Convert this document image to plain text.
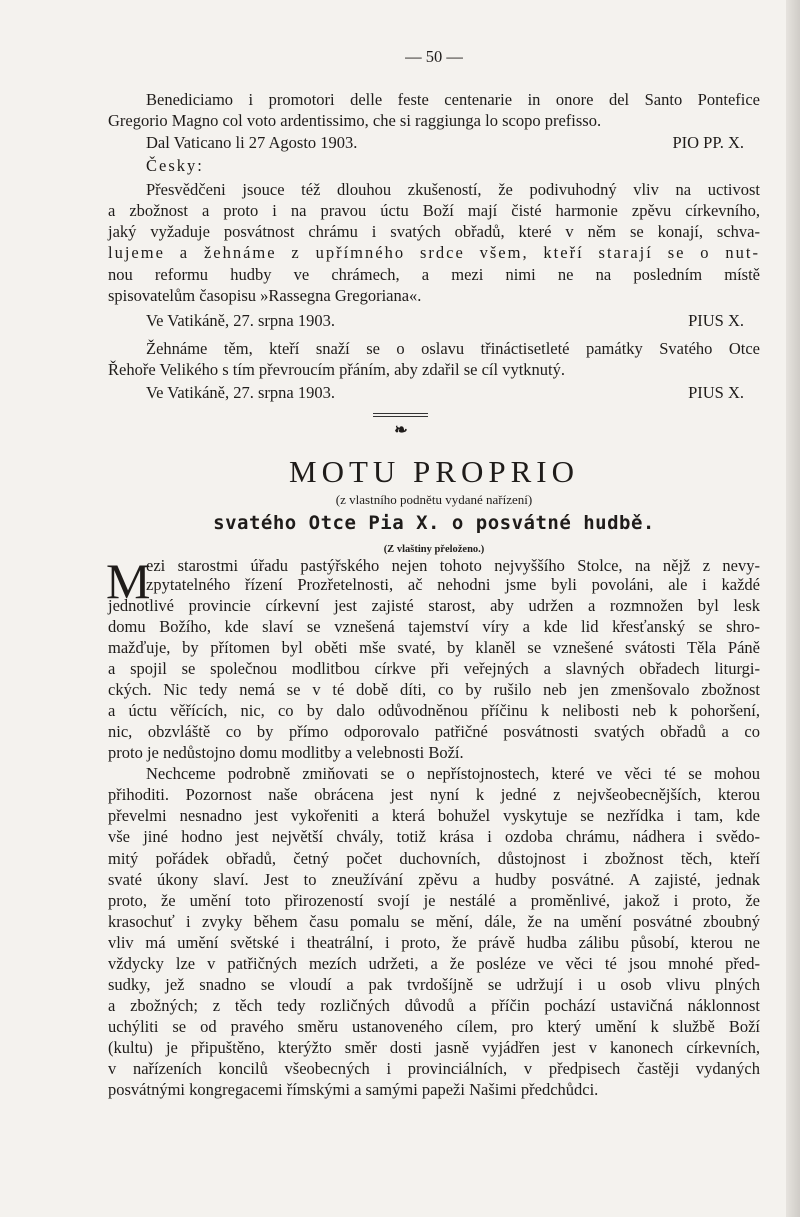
— 50 —
Benediciamo i promotori delle feste centenarie in onore del Santo Pontefice
Gregorio Magno col voto ardentissimo, che si raggiunga lo scopo prefisso.
Dal Vaticano li 27 Agosto 1903.	PIO PP. X.
Česky:
Přesvědčeni jsouce též dlouhou zkušeností, že podivuhodný vliv na uctivost
a zbožnost a proto i na pravou úctu Boží mají čisté harmonie zpěvu církevního,
jaký vyžaduje posvátnost chrámu i svatých obřadů, které v něm se konají, schva-
lujeme a žehnáme z upřímného srdce všem, kteří starají se o nut-
nou reformu hudby ve chrámech, a mezi nimi ne na posledním místě
spisovatelům časopisu »Rassegna Gregoriana«.
Ve Vatikáně, 27. srpna 1903.	PIUS X.
Žehnáme těm, kteří snaží se o oslavu třináctisetleté památky Svatého Otce
Řehoře Velikého s tím převroucím přáním, aby zdařil se cíl vytknutý.
Ve Vatikáně, 27. srpna 1903.	PIUS X.
MOTU PROPRIO
(z vlastního podnětu vydané nařízení)
svatého Otce Pia X. o posvátné hudbě.
(Z vlaštiny přeloženo.)
ezi starostmi úřadu pastýřského nejen tohoto nejvyššího Stolce, na nějž z nevy-
zpytatelného řízení Prozřetelnosti, ač nehodni jsme byli povoláni, ale i každé
jednotlivé provincie církevní jest zajisté starost, aby udržen a rozmnožen byl lesk
domu Božího, kde slaví se vznešená tajemství víry a kde lid křesťanský se shro-
mažďuje, by přítomen byl oběti mše svaté, by klaněl se vznešené svátosti Těla Páně
a spojil se společnou modlitbou církve při veřejných a slavných obřadech liturgi-
ckých. Nic tedy nemá se v té době díti, co by rušilo neb jen zmenšovalo zbožnost
a úctu věřících, nic, co by dalo odůvodněnou příčinu k nelibosti neb k pohoršení,
nic, obzvláště co by přímo odporovalo patřičné posvátnosti svatých obřadů a co
proto je nedůstojno domu modlitby a velebnosti Boží.
Nechceme podrobně zmiňovati se o nepřístojnostech, které ve věci té se mohou
přihoditi. Pozornost naše obrácena jest nyní k jedné z nejvšeobecnějších, kterou
převelmi nesnadno jest vykořeniti a která bohužel vyskytuje se nezřídka i tam, kde
vše jiné hodno jest největší chvály, totiž krása i ozdoba chrámu, nádhera i svědo-
mitý pořádek obřadů, četný počet duchovních, důstojnost i zbožnost těch, kteří
svaté úkony slaví. Jest to zneužívání zpěvu a hudby posvátné. A zajisté, jednak
proto, že umění toto přirozeností svojí je nestálé a proměnlivé, jakož i proto, že
krasochuť i zvyky během času pomalu se mění, dále, že na umění posvátné zboubný
vliv má umění světské i theatrální, i proto, že právě hudba zálibu působí, kterou ne
vždycky lze v patřičných mezích udržeti, a že posléze ve věci té jsou mnohé před-
sudky, jež snadno se vloudí a pak tvrdošíjně se udržují i u osob vlivu plných
a zbožných; z těch tedy rozličných důvodů a příčin pochází ustavičná náklonnost
uchýliti se od pravého směru ustanoveného cílem, pro který umění k službě Boží
(kultu) je připuštěno, kterýžto směr dosti jasně vyjádřen jest v kanonech církevních,
v nařízeních koncilů všeobecných i provinciálních, v předpisech častěji vydaných
posvátnými kongregacemi římskými a samými papeži Našimi předchůdci.
❧
M
